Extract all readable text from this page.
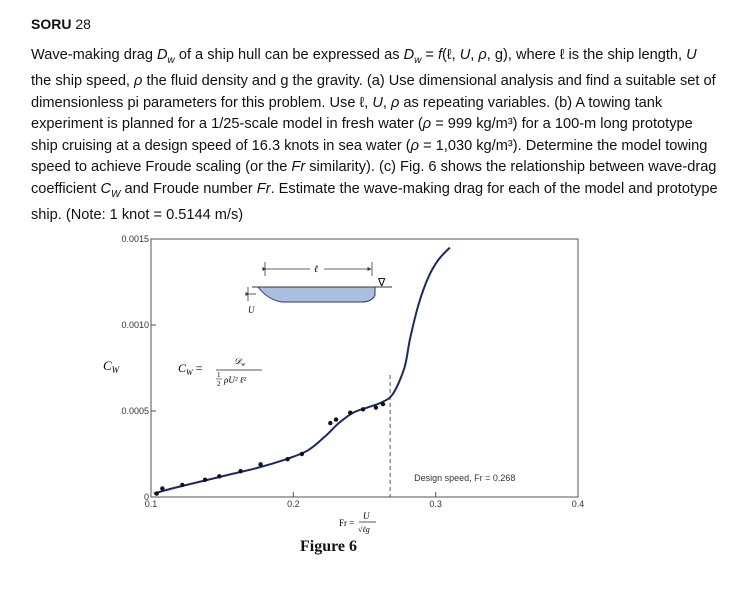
SORU 28

Wave-making drag $D_w$ of a ship hull can be expressed as $D_w$ = f(ℓ, U, ρ, g), where ℓ is the ship length, U the ship speed, ρ the fluid density and g the gravity. (a) Use dimensional analysis and find a suitable set of dimensionless pi parameters for this problem. Use ℓ, U, ρ as repeating variables. (b) A towing tank experiment is planned for a 1/25-scale model in fresh water (ρ = 999 kg/m³) for a 100-m long prototype ship cruising at a design speed of 16.3 knots in sea water (ρ = 1,030 kg/m³). Determine the model towing speed to achieve Froude scaling (or the Fr similarity). (c) Fig. 6 shows the relationship between wave-drag coefficient $C_W$ and Froude number Fr. Estimate the wave-making drag for each of the model and prototype ship. (Note: 1 knot = 0.5144 m/s)

0.1	0.2	0.3	0.4
0
0.0005
0.0010
0.0015
$C_W$
Fr =
U
√ℓg
$C_W$ =	𝒟$_w$
1
2 ρU² ℓ²
ℓ
∇
U
Design speed, Fr = 0.268
Figure 6
